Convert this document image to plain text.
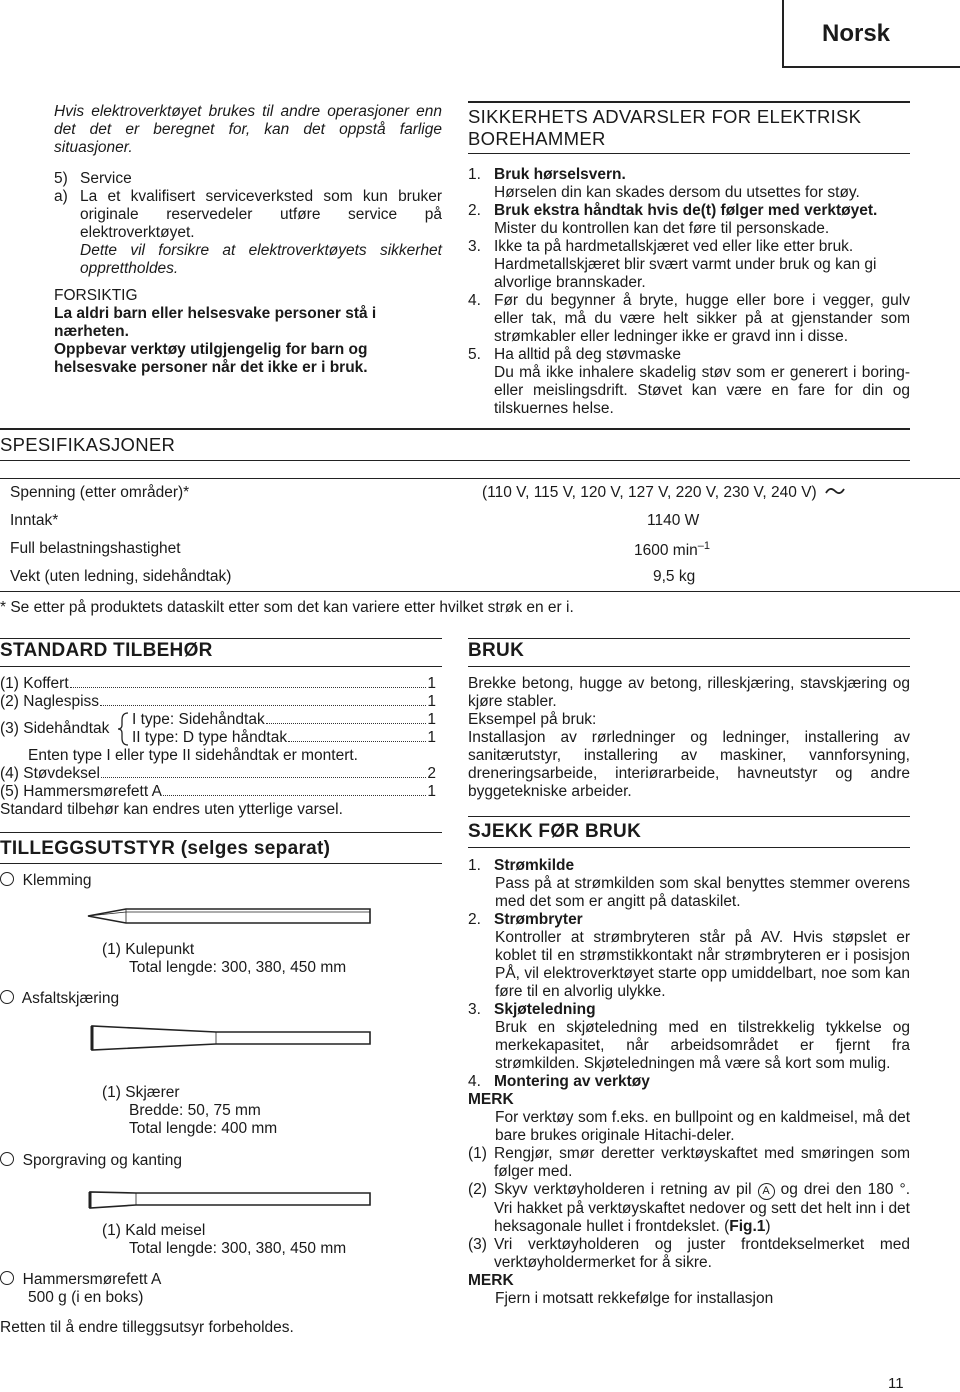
Norsk

Hvis elektroverktøyet brukes til andre operasjoner enn det det er beregnet for, kan det oppstå farlige situasjoner.

5) Service
a) La et kvalifisert serviceverksted som kun bruker originale reservedeler utføre service på elektroverktøyet.

Dette vil forsikre at elektroverktøyets sikkerhet opprettholdes.

FORSIKTIG

La aldri barn eller helsesvake personer stå i nærheten.

Oppbevar verktøy utilgjengelig for barn og helsesvake personer når det ikke er i bruk.

SIKKERHETS ADVARSLER FOR ELEKTRISK BOREHAMMER

1. Bruk hørselsvern.

Hørselen din kan skades dersom du utsettes for støy.

2. Bruk ekstra håndtak hvis de(t) følger med verktøyet.

Mister du kontrollen kan det føre til personskade.

3. Ikke ta på hardmetallskjæret ved eller like etter bruk.

Hardmetallskjæret blir svært varmt under bruk og kan gi alvorlige brannskader.

4. Før du begynner å bryte, hugge eller bore i vegger, gulv eller tak, må du være helt sikker på at gjenstander som strømkabler eller ledninger ikke er gravd inn i disse.

5. Ha alltid på deg støvmaske

Du må ikke inhalere skadelig støv som er generert i boring- eller meislingsdrift. Støvet kan være en fare for din og tilskuernes helse.

SPESIFIKASJONER
Spenning (etter områder)*	(110 V, 115 V, 120 V, 127 V, 220 V, 230 V, 240 V)
Inntak*	1140 W
Full belastningshastighet	1600 $\min^{-1}$
Vekt (uten ledning, sidehåndtak)	9,5 kg
* Se etter på produktets dataskilt etter som det kan variere etter hvilket strøk en er i.

STANDARD TILBEHØR

(1) Koffert	1
(2) Naglespiss	1
(3) Sidehåndtak
I type: Sidehåndtak	1
II type: D type håndtak	1

Enten type I eller type II sidehåndtak er montert.

(4) Støvdeksel	2
(5) Hammersmørefett A	1

Standard tilbehør kan endres uten ytterlige varsel.

TILLEGGSUTSTYR (selges separat)
Klemming
(1) Kulepunkt
Total lengde: 300, 380, 450 mm
Asfaltskjæring
(1) Skjærer
Bredde: 50, 75 mm
Total lengde: 400 mm
Sporgraving og kanting
(1) Kald meisel
Total lengde: 300, 380, 450 mm
Hammersmørefett A
500 g (i en boks)
Retten til å endre tilleggsutsyr forbeholdes.

BRUK

Brekke betong, hugge av betong, rilleskjæring, stavskjæring og kjøre stabler.

Eksempel på bruk:

Installasjon av rørledninger og ledninger, installering av sanitærutstyr, installering av maskiner, vannforsyning, dreneringsarbeide, interiørarbeide, havneutstyr og andre byggetekniske arbeider.

SJEKK FØR BRUK

1. Strømkilde

Pass på at strømkilden som skal benyttes stemmer overens med det som er angitt på dataskilet.

2. Strømbryter

Kontroller at strømbryteren står på AV. Hvis støpslet er koblet til en strømstikkontakt når strømbryteren er i posisjon PÅ, vil elektroverktøyet starte opp umiddelbart, noe som kan føre til en alvorlig ulykke.

3. Skjøteledning

Bruk en skjøteledning med en tilstrekkelig tykkelse og merkekapasitet, når arbeidsområdet er fjernt fra strømkilden. Skjøteledningen må være så kort som mulig.

4. Montering av verktøy

MERK

For verktøy som f.eks. en bullpoint og en kaldmeisel, må det bare brukes originale Hitachi-deler.

(1) Rengjør, smør deretter verktøyskaftet med smøringen som følger med.

(2) Skyv verktøyholderen i retning av pil A og drei den 180 °. Vri hakket på verktøyskaftet nedover og sett det helt inn i det heksagonale hullet i frontdekslet. (Fig.1)

(3) Vri verktøyholderen og juster frontdekselmerket med verktøyholdermerket for å sikre.

MERK

Fjern i motsatt rekkefølge for installasjon

11
